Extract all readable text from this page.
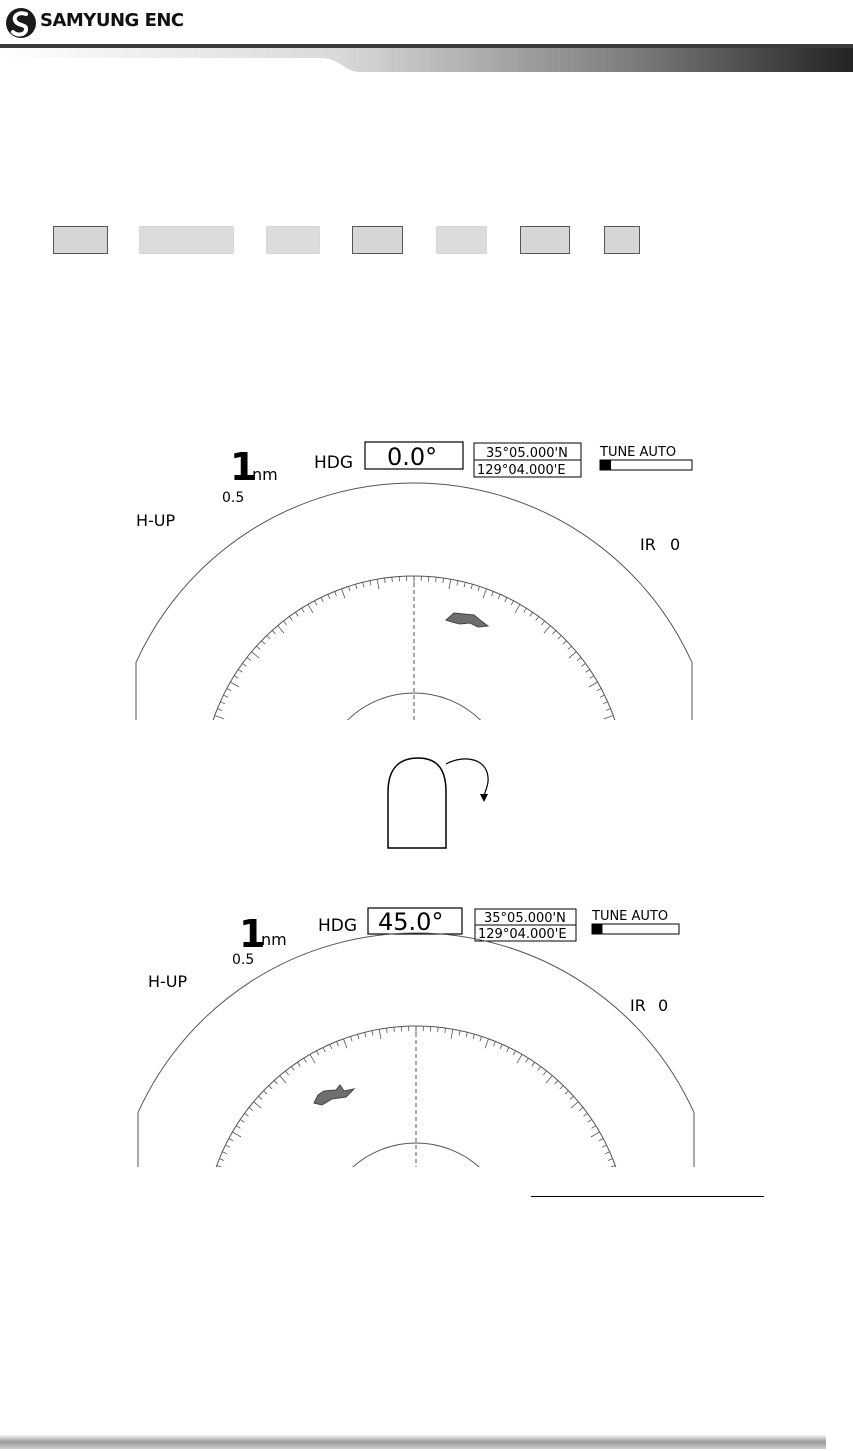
SAMYUNG ENC
1
nm
0.5
H-UP
HDG 0.0°	35°05.000'N
129°04.000'E
TUNE AUTO
IR 0
1
nm
0.5
H-UP
HDG 45.0°	35°05.000'N
129°04.000'E
TUNE AUTO
IR 0
